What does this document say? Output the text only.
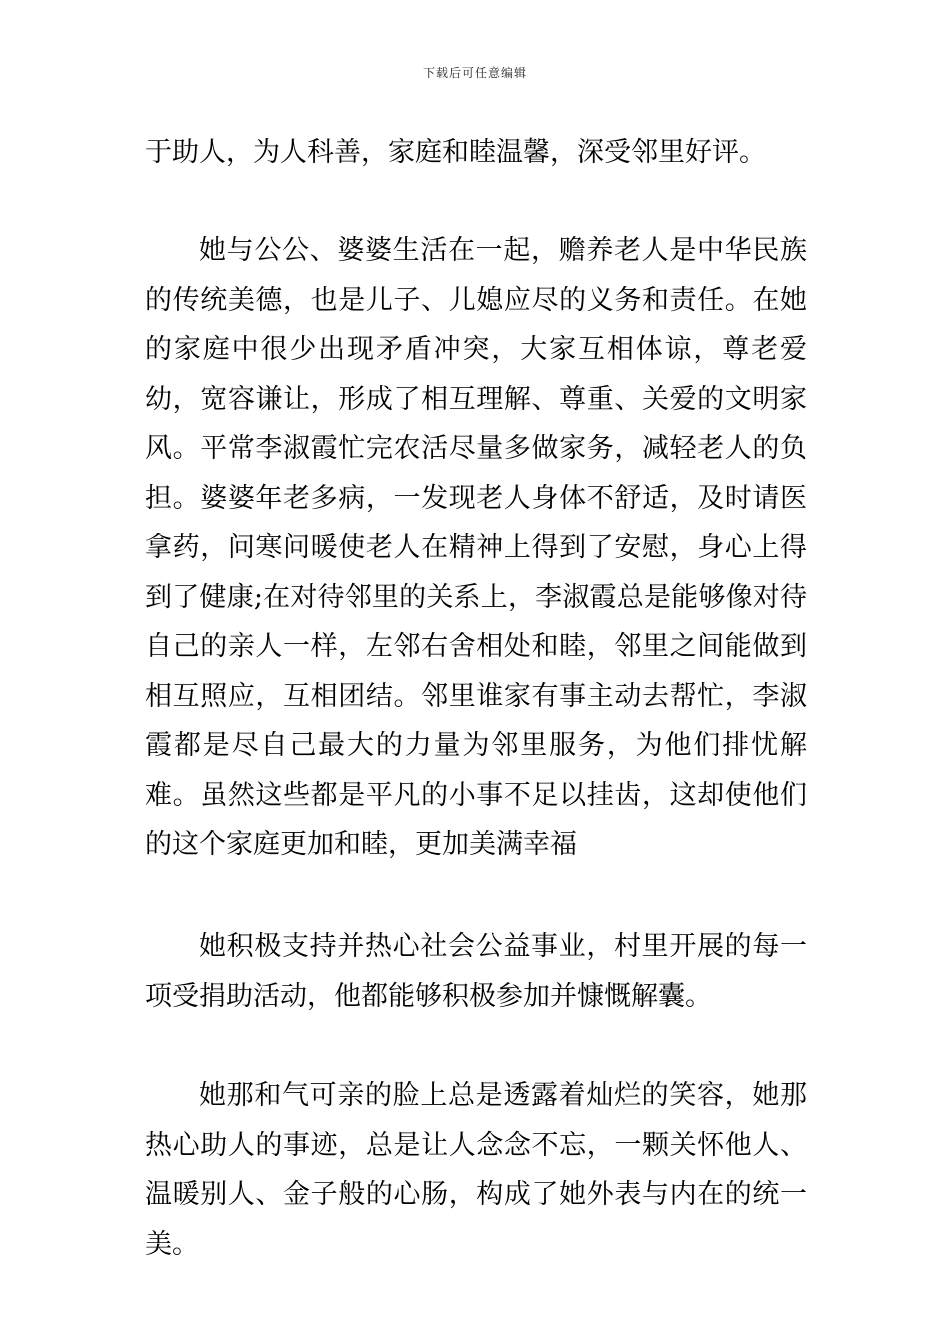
下载后可任意编辑

于助人，为人科善，家庭和睦温馨，深受邻里好评。

她与公公、婆婆生活在一起，赡养老人是中华民族的传统美德，也是儿子、儿媳应尽的义务和责任。在她的家庭中很少出现矛盾冲突，大家互相体谅，尊老爱幼，宽容谦让，形成了相互理解、尊重、关爱的文明家风。平常李淑霞忙完农活尽量多做家务，减轻老人的负担。婆婆年老多病，一发现老人身体不舒适，及时请医拿药，问寒问暖使老人在精神上得到了安慰，身心上得到了健康;在对待邻里的关系上，李淑霞总是能够像对待自己的亲人一样，左邻右舍相处和睦，邻里之间能做到相互照应，互相团结。邻里谁家有事主动去帮忙，李淑霞都是尽自己最大的力量为邻里服务，为他们排忧解难。虽然这些都是平凡的小事不足以挂齿，这却使他们的这个家庭更加和睦，更加美满幸福

她积极支持并热心社会公益事业，村里开展的每一项受捐助活动，他都能够积极参加并慷慨解囊。

她那和气可亲的脸上总是透露着灿烂的笑容，她那热心助人的事迹，总是让人念念不忘，一颗关怀他人、温暖别人、金子般的心肠，构成了她外表与内在的统一美。
